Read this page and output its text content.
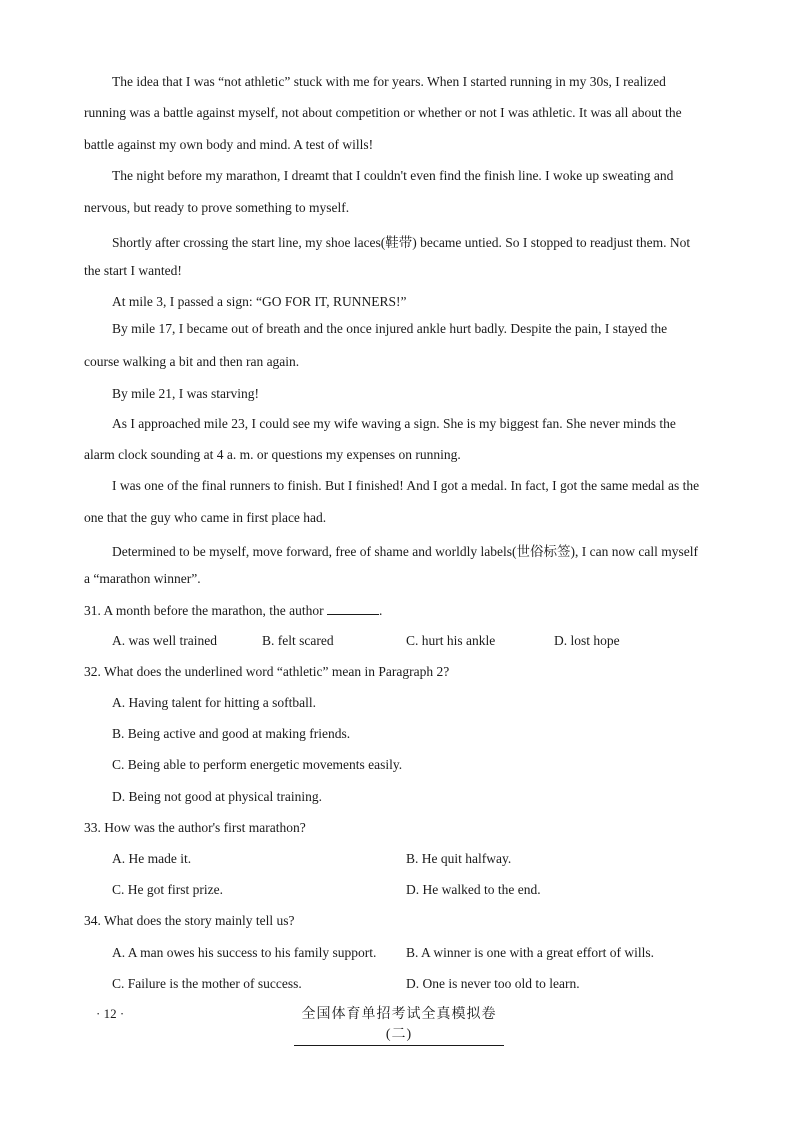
The idea that I was “not athletic” stuck with me for years. When I started running in my 30s, I realized
running was a battle against myself, not about competition or whether or not I was athletic. It was all about the
battle against my own body and mind. A test of wills!
The night before my marathon, I dreamt that I couldn't even find the finish line. I woke up sweating and
nervous, but ready to prove something to myself.
Shortly after crossing the start line, my shoe laces(鞋带) became untied. So I stopped to readjust them. Not
the start I wanted!
At mile 3, I passed a sign: “GO FOR IT, RUNNERS!”
By mile 17, I became out of breath and the once injured ankle hurt badly. Despite the pain, I stayed the
course walking a bit and then ran again.
By mile 21, I was starving!
As I approached mile 23, I could see my wife waving a sign. She is my biggest fan. She never minds the
alarm clock sounding at 4 a. m. or questions my expenses on running.
I was one of the final runners to finish. But I finished! And I got a medal. In fact, I got the same medal as the
one that the guy who came in first place had.
Determined to be myself, move forward, free of shame and worldly labels(世俗标签), I can now call myself
a “marathon winner”.
31. A month before the marathon, the author	.
A. was well trained	B. felt scared	C. hurt his ankle	D. lost hope
32. What does the underlined word “athletic” mean in Paragraph 2?
A. Having talent for hitting a softball.
B. Being active and good at making friends.
C. Being able to perform energetic movements easily.
D. Being not good at physical training.
33. How was the author's first marathon?
A. He made it.	B. He quit halfway.
C. He got first prize.	D. He walked to the end.
34. What does the story mainly tell us?
A. A man owes his success to his family support. B. A winner is one with a great effort of wills.
C. Failure is the mother of success.	D. One is never too old to learn.
· 12 ·	全国体育单招考试全真模拟卷(二)
